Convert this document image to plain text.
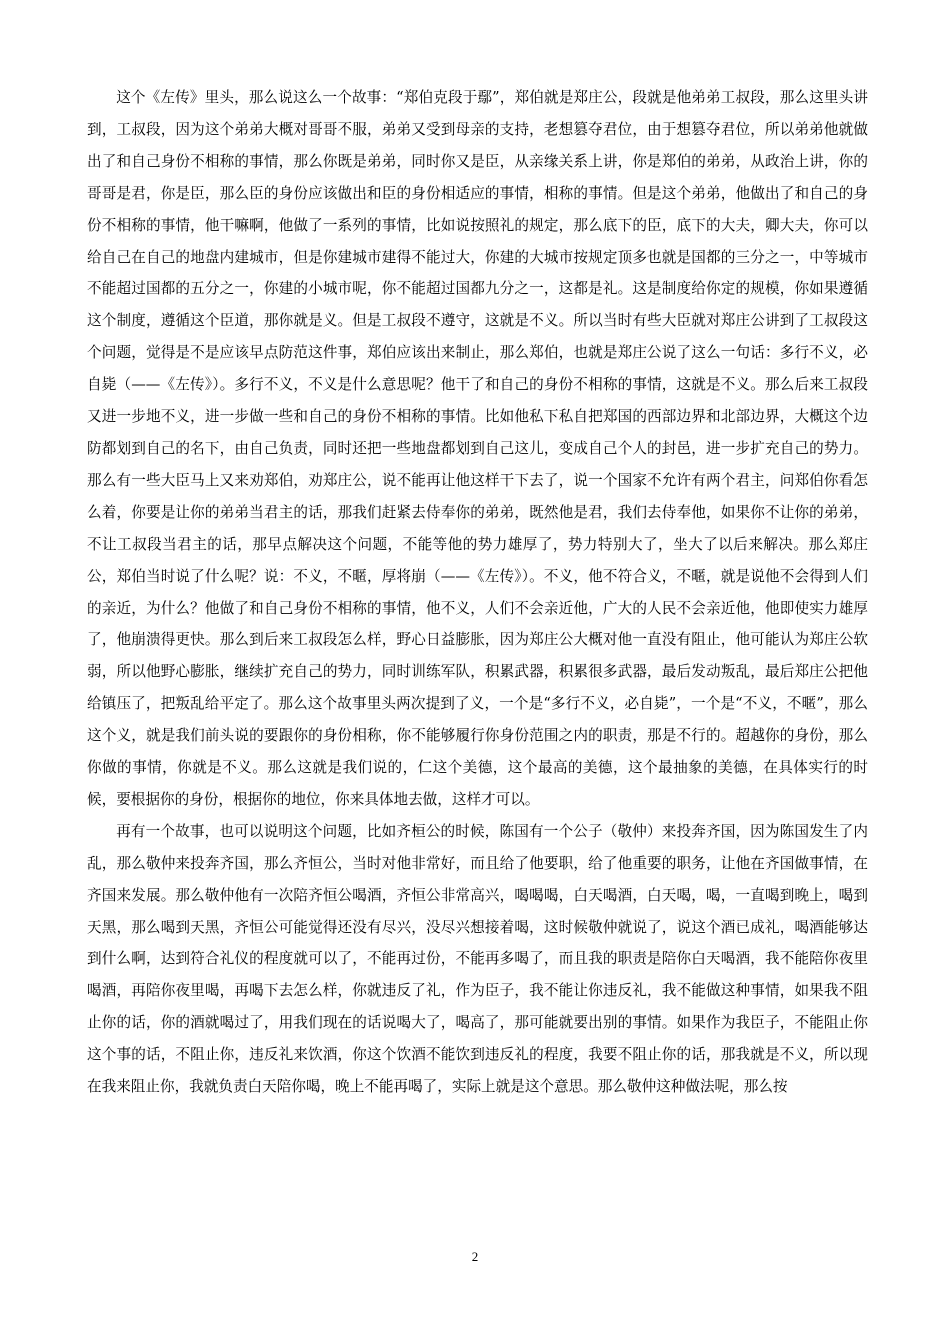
这个《左传》里头，那么说这么一个故事：“郑伯克段于鄢”，郑伯就是郑庄公，段就是他弟弟工叔段，那么这里头讲到，工叔段，因为这个弟弟大概对哥哥不服，弟弟又受到母亲的支持，老想篡夺君位，由于想篡夺君位，所以弟弟他就做出了和自己身份不相称的事情，那么你既是弟弟，同时你又是臣，从亲缘关系上讲，你是郑伯的弟弟，从政治上讲，你的哥哥是君，你是臣，那么臣的身份应该做出和臣的身份相适应的事情，相称的事情。但是这个弟弟，他做出了和自己的身份不相称的事情，他干嘛啊，他做了一系列的事情，比如说按照礼的规定，那么底下的臣，底下的大夫，卿大夫，你可以给自己在自己的地盘内建城市，但是你建城市建得不能过大，你建的大城市按规定顶多也就是国都的三分之一，中等城市不能超过国都的五分之一，你建的小城市呢，你不能超过国都九分之一，这都是礼。这是制度给你定的规模，你如果遵循这个制度，遵循这个臣道，那你就是义。但是工叔段不遵守，这就是不义。所以当时有些大臣就对郑庄公讲到了工叔段这个问题，觉得是不是应该早点防范这件事，郑伯应该出来制止，那么郑伯，也就是郑庄公说了这么一句话：多行不义，必自毙（——《左传》）。多行不义，不义是什么意思呢？他干了和自己的身份不相称的事情，这就是不义。那么后来工叔段又进一步地不义，进一步做一些和自己的身份不相称的事情。比如他私下私自把郑国的西部边界和北部边界，大概这个边防都划到自己的名下，由自己负责，同时还把一些地盘都划到自己这儿，变成自己个人的封邑，进一步扩充自己的势力。那么有一些大臣马上又来劝郑伯，劝郑庄公，说不能再让他这样干下去了，说一个国家不允许有两个君主，问郑伯你看怎么着，你要是让你的弟弟当君主的话，那我们赶紧去侍奉你的弟弟，既然他是君，我们去侍奉他，如果你不让你的弟弟，不让工叔段当君主的话，那早点解决这个问题，不能等他的势力雄厚了，势力特别大了，坐大了以后来解决。那么郑庄公，郑伯当时说了什么呢？说：不义，不暱，厚将崩（——《左传》）。不义，他不符合义，不暱，就是说他不会得到人们的亲近，为什么？他做了和自己身份不相称的事情，他不义，人们不会亲近他，广大的人民不会亲近他，他即使实力雄厚了，他崩溃得更快。那么到后来工叔段怎么样，野心日益膨胀，因为郑庄公大概对他一直没有阻止，他可能认为郑庄公软弱，所以他野心膨胀，继续扩充自己的势力，同时训练军队，积累武器，积累很多武器，最后发动叛乱，最后郑庄公把他给镇压了，把叛乱给平定了。那么这个故事里头两次提到了义，一个是“多行不义，必自毙”，一个是“不义，不暱”，那么这个义，就是我们前头说的要跟你的身份相称，你不能够履行你身份范围之内的职责，那是不行的。超越你的身份，那么你做的事情，你就是不义。那么这就是我们说的，仁这个美德，这个最高的美德，这个最抽象的美德，在具体实行的时候，要根据你的身份，根据你的地位，你来具体地去做，这样才可以。

再有一个故事，也可以说明这个问题，比如齐桓公的时候，陈国有一个公子（敬仲）来投奔齐国，因为陈国发生了内乱，那么敬仲来投奔齐国，那么齐恒公，当时对他非常好，而且给了他要职，给了他重要的职务，让他在齐国做事情，在齐国来发展。那么敬仲他有一次陪齐恒公喝酒，齐恒公非常高兴，喝喝喝，白天喝酒，白天喝，喝，一直喝到晚上，喝到天黑，那么喝到天黑，齐恒公可能觉得还没有尽兴，没尽兴想接着喝，这时候敬仲就说了，说这个酒已成礼，喝酒能够达到什么啊，达到符合礼仪的程度就可以了，不能再过份，不能再多喝了，而且我的职责是陪你白天喝酒，我不能陪你夜里喝酒，再陪你夜里喝，再喝下去怎么样，你就违反了礼，作为臣子，我不能让你违反礼，我不能做这种事情，如果我不阻止你的话，你的酒就喝过了，用我们现在的话说喝大了，喝高了，那可能就要出别的事情。如果作为我臣子，不能阻止你这个事的话，不阻止你，违反礼来饮酒，你这个饮酒不能饮到违反礼的程度，我要不阻止你的话，那我就是不义，所以现在我来阻止你，我就负责白天陪你喝，晚上不能再喝了，实际上就是这个意思。那么敬仲这种做法呢，那么按

2
